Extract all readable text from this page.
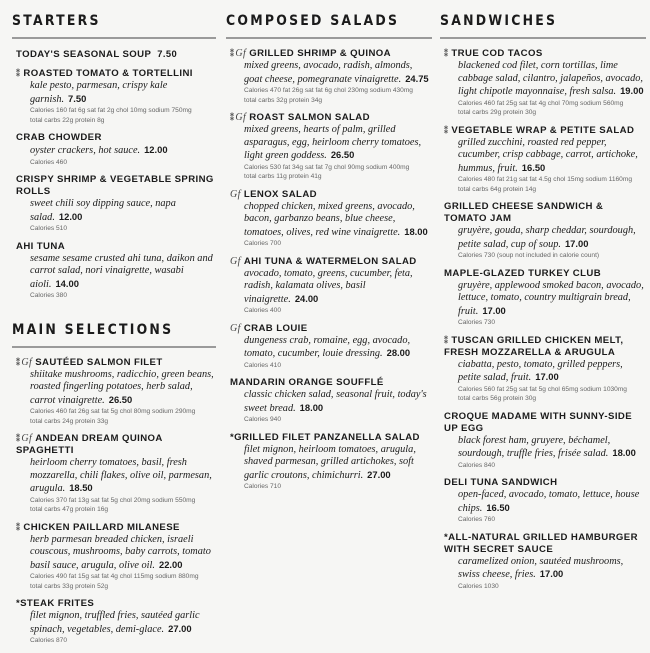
STARTERS
TODAY'S SEASONAL SOUP 7.50
⁑ ROASTED TOMATO & TORTELLINI
kale pesto, parmesan, crispy kale garnish. 7.50
Calories 160 fat 6g sat fat 2g chol 10mg sodium 750mg
total carbs 22g protein 8g
CRAB CHOWDER
oyster crackers, hot sauce. 12.00
Calories 460
CRISPY SHRIMP & VEGETABLE SPRING ROLLS
sweet chili soy dipping sauce, napa salad. 12.00
Calories 510
AHI TUNA
sesame sesame crusted ahi tuna, daikon and carrot salad, nori vinaigrette, wasabi aioli. 14.00
Calories 380
MAIN SELECTIONS
⁑Gf SAUTÉED SALMON FILET
shiitake mushrooms, radicchio, green beans, roasted fingerling potatoes, herb salad, carrot vinaigrette. 26.50
Calories 460 fat 26g sat fat 5g chol 80mg sodium 290mg
total carbs 24g protein 33g
⁑Gf ANDEAN DREAM QUINOA SPAGHETTI
heirloom cherry tomatoes, basil, fresh mozzarella, chili flakes, olive oil, parmesan, arugula. 18.50
Calories 370 fat 13g sat fat 5g chol 20mg sodium 550mg
total carbs 47g protein 16g
⁑ CHICKEN PAILLARD MILANESE
herb parmesan breaded chicken, israeli couscous, mushrooms, baby carrots, tomato basil sauce, arugula, olive oil. 22.00
Calories 490 fat 15g sat fat 4g chol 115mg sodium 880mg
total carbs 33g protein 52g
*STEAK FRITES
filet mignon, truffled fries, sautéed garlic spinach, vegetables, demi-glace. 27.00
Calories 870
COMPOSED SALADS
⁑Gf GRILLED SHRIMP & QUINOA
mixed greens, avocado, radish, almonds, goat cheese, pomegranate vinaigrette. 24.75
Calories 470 fat 26g sat fat 6g chol 230mg sodium 430mg
total carbs 32g protein 34g
⁑Gf ROAST SALMON SALAD
mixed greens, hearts of palm, grilled asparagus, egg, heirloom cherry tomatoes, light green goddess. 26.50
Calories 530 fat 34g sat fat 7g chol 90mg sodium 400mg
total carbs 11g protein 41g
Gf LENOX SALAD
chopped chicken, mixed greens, avocado, bacon, garbanzo beans, blue cheese, tomatoes, olives, red wine vinaigrette. 18.00
Calories 700
Gf AHI TUNA & WATERMELON SALAD
avocado, tomato, greens, cucumber, feta, radish, kalamata olives, basil vinaigrette. 24.00
Calories 400
Gf CRAB LOUIE
dungeness crab, romaine, egg, avocado, tomato, cucumber, louie dressing. 28.00
Calories 410
MANDARIN ORANGE SOUFFLÉ
classic chicken salad, seasonal fruit, today's sweet bread. 18.00
Calories 940
*GRILLED FILET PANZANELLA SALAD
filet mignon, heirloom tomatoes, arugula, shaved parmesan, grilled artichokes, soft garlic croutons, chimichurri. 27.00
Calories 710
SANDWICHES
⁑ TRUE COD TACOS
blackened cod filet, corn tortillas, lime cabbage salad, cilantro, jalapeños, avocado, light chipotle mayonnaise, fresh salsa. 19.00
Calories 460 fat 25g sat fat 4g chol 70mg sodium 560mg
total carbs 29g protein 30g
⁑ VEGETABLE WRAP & PETITE SALAD
grilled zucchini, roasted red pepper, cucumber, crisp cabbage, carrot, artichoke, hummus, fruit. 16.50
Calories 480 fat 21g sat fat 4.5g chol 15mg sodium 1160mg
total carbs 64g protein 14g
GRILLED CHEESE SANDWICH & TOMATO JAM
gruyère, gouda, sharp cheddar, sourdough, petite salad, cup of soup. 17.00
Calories 730 (soup not included in calorie count)
MAPLE-GLAZED TURKEY CLUB
gruyère, applewood smoked bacon, avocado, lettuce, tomato, country multigrain bread, fruit. 17.00
Calories 730
⁑ TUSCAN GRILLED CHICKEN MELT, FRESH MOZZARELLA & ARUGULA
ciabatta, pesto, tomato, grilled peppers, petite salad, fruit. 17.00
Calories 560 fat 25g sat fat 5g chol 65mg sodium 1030mg
total carbs 56g protein 30g
CROQUE MADAME WITH SUNNY-SIDE UP EGG
black forest ham, gruyere, béchamel, sourdough, truffle fries, frisée salad. 18.00
Calories 840
DELI TUNA SANDWICH
open-faced, avocado, tomato, lettuce, house chips. 16.50
Calories 760
*ALL-NATURAL GRILLED HAMBURGER WITH SECRET SAUCE
caramelized onion, sautéed mushrooms, swiss cheese, fries. 17.00
Calories 1030
